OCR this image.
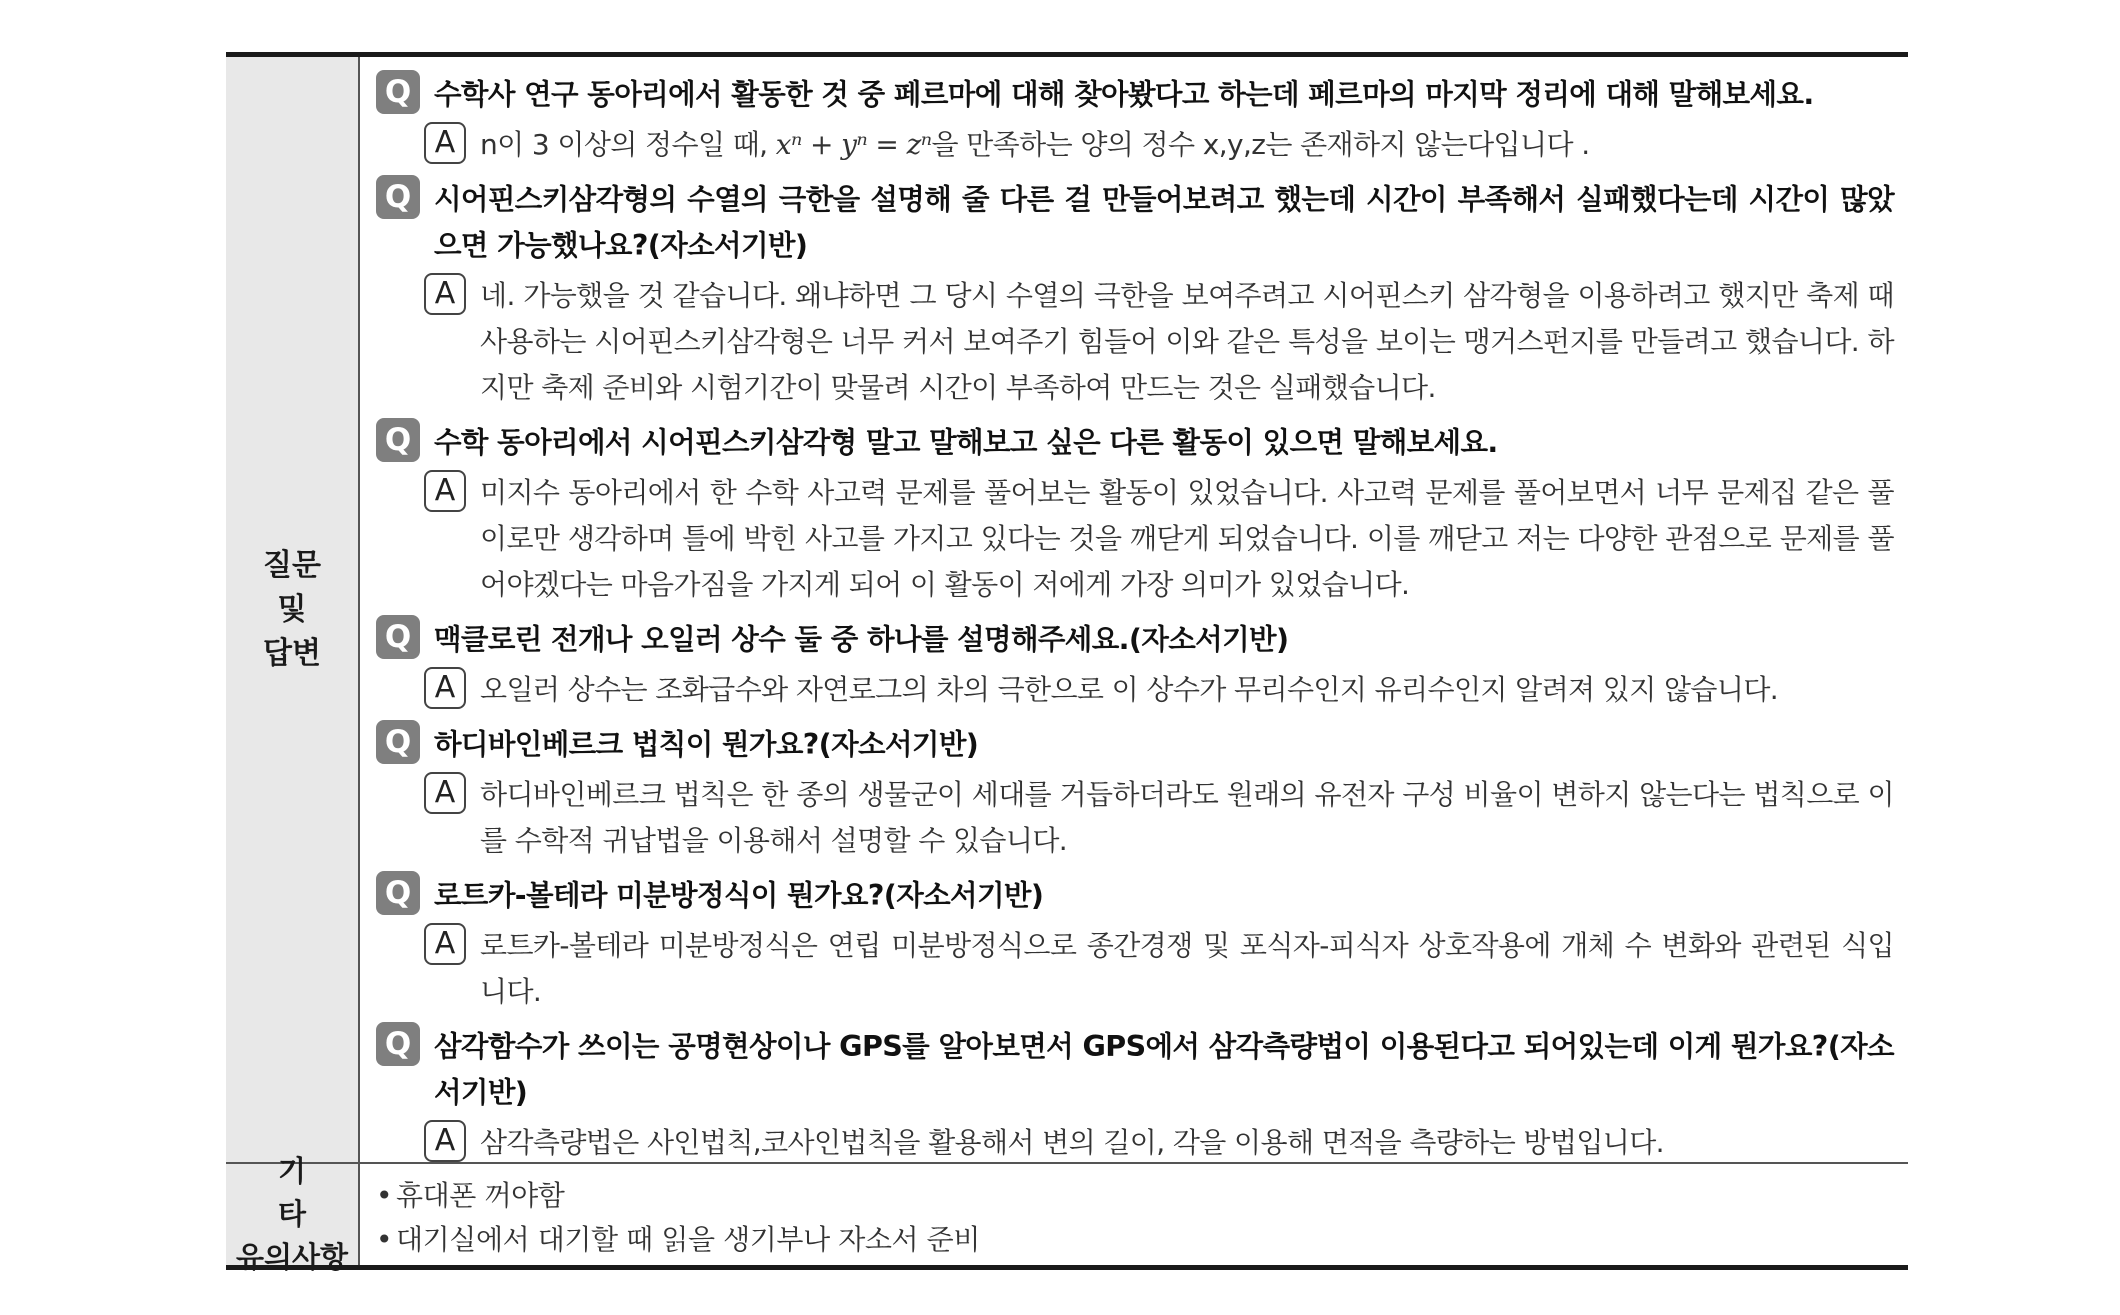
질문
및
답변
Q 수학사 연구 동아리에서 활동한 것 중 페르마에 대해 찾아봤다고 하는데 페르마의 마지막 정리에 대해 말해보세요.
A n이 3 이상의 정수일 때, xⁿ + yⁿ = zⁿ을 만족하는 양의 정수 x,y,z는 존재하지 않는다입니다 .
Q 시어핀스키삼각형의 수열의 극한을 설명해 줄 다른 걸 만들어보려고 했는데 시간이 부족해서 실패했다는데 시간이 많았으면 가능했나요?(자소서기반)
A 네. 가능했을 것 같습니다. 왜냐하면 그 당시 수열의 극한을 보여주려고 시어핀스키 삼각형을 이용하려고 했지만 축제 때 사용하는 시어핀스키삼각형은 너무 커서 보여주기 힘들어 이와 같은 특성을 보이는 맹거스펀지를 만들려고 했습니다. 하지만 축제 준비와 시험기간이 맞물려 시간이 부족하여 만드는 것은 실패했습니다.
Q 수학 동아리에서 시어핀스키삼각형 말고 말해보고 싶은 다른 활동이 있으면 말해보세요.
A 미지수 동아리에서 한 수학 사고력 문제를 풀어보는 활동이 있었습니다. 사고력 문제를 풀어보면서 너무 문제집 같은 풀이로만 생각하며 틀에 박힌 사고를 가지고 있다는 것을 깨닫게 되었습니다. 이를 깨닫고 저는 다양한 관점으로 문제를 풀어야겠다는 마음가짐을 가지게 되어 이 활동이 저에게 가장 의미가 있었습니다.
Q 맥클로린 전개나 오일러 상수 둘 중 하나를 설명해주세요.(자소서기반)
A 오일러 상수는 조화급수와 자연로그의 차의 극한으로 이 상수가 무리수인지 유리수인지 알려져 있지 않습니다.
Q 하디바인베르크 법칙이 뭔가요?(자소서기반)
A 하디바인베르크 법칙은 한 종의 생물군이 세대를 거듭하더라도 원래의 유전자 구성 비율이 변하지 않는다는 법칙으로 이를 수학적 귀납법을 이용해서 설명할 수 있습니다.
Q 로트카-볼테라 미분방정식이 뭔가요?(자소서기반)
A 로트카-볼테라 미분방정식은 연립 미분방정식으로 종간경쟁 및 포식자-피식자 상호작용에 개체 수 변화와 관련된 식입니다.
Q 삼각함수가 쓰이는 공명현상이나 GPS를 알아보면서 GPS에서 삼각측량법이 이용된다고 되어있는데 이게 뭔가요?(자소서기반)
A 삼각측량법은 사인법칙,코사인법칙을 활용해서 변의 길이, 각을 이용해 면적을 측량하는 방법입니다.
기
타
유의사항
• 휴대폰 꺼야함
• 대기실에서 대기할 때 읽을 생기부나 자소서 준비
